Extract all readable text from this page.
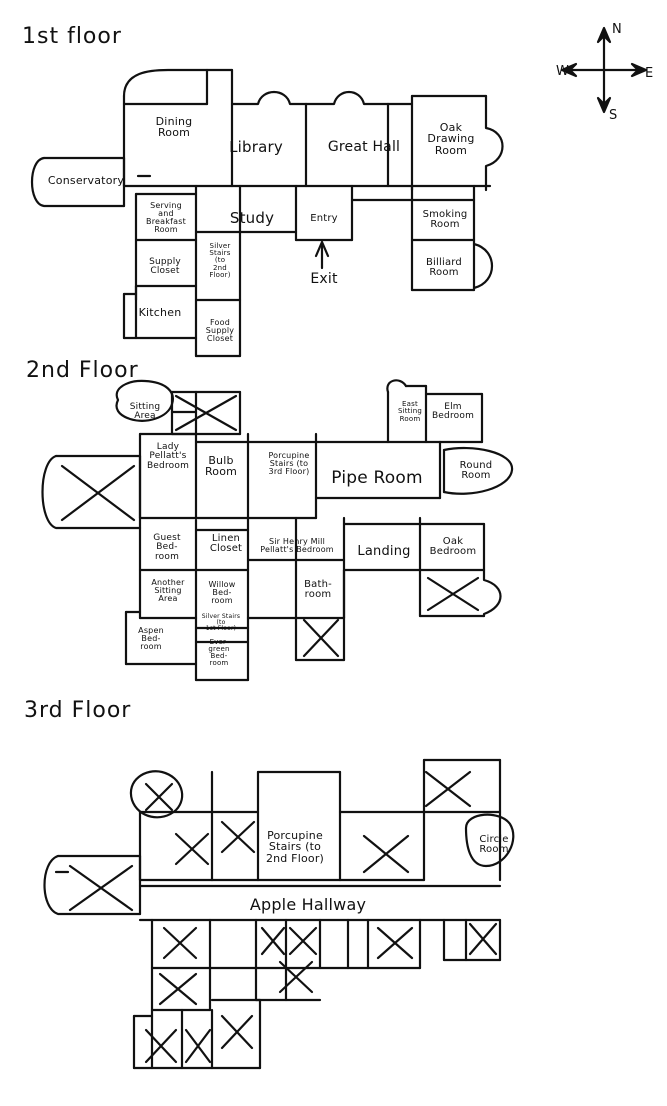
1st floor
2nd Floor
3rd Floor
N
S
E
W
Dining
Room
Library	Great Hall
Oak
Drawing
Room
Conservatory
Serving
and
Breakfast
Room
Study	Entry	Smoking
Room
Silver
Stairs
(to
2nd
Floor)
Supply
Closet
Billiard
Room
Kitchen
Food
Supply
Closet
Exit
Sitting
Area
East
Sitting
Room
Elm
Bedroom
Lady
Pellatt's
Bedroom	Bulb
Room
Porcupine
Stairs (to
3rd Floor)	Pipe Room
Round
Room
Guest
Bed-
room
Linen
Closet
Sir Henry Mill
Pellatt's Bedroom	Landing
Oak
Bedroom
Another
Sitting
Area
Willow
Bed-
room
Bath-
room
Silver Stairs (to
1st Floor)
Aspen
Bed-
room
Ever-
green
Bed-
room
Porcupine
Stairs (to
2nd Floor)
Circle
Room
Apple Hallway
